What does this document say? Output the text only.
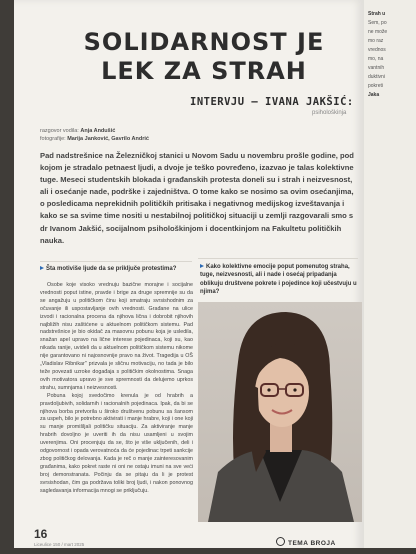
Strah u
Sem, po
ne može
mo raz
vrednos
mo, na
vantnih
duktivni
pokreti
Jaka
SOLIDARNOST JE
LEK ZA STRAH
INTERVJU – IVANA JAKŠIĆ:
psihološkinja
razgovor vodila: Anja Andušić
fotografije: Marija Janković, Gavrilo Andrić
Pad nadstrešnice na Železničkoj stanici u Novom Sadu u novembru prošle godine, pod kojom je stradalo petnaest ljudi, a dvoje je teško povređeno, izazvao je talas kolektivne tuge. Meseci studentskih blokada i građanskih protesta doneli su i strah i neizvesnost, ali i osećanje nade, podrške i zajedništva. O tome kako se nosimo sa ovim osećanjima, o posledicama neprekidnih političkih pritisaka i negativnog medijskog izveštavanja i kako se sa svime time nositi u nestabilnoj političkoj situaciji u zemlji razgovarali smo s dr Ivanom Jakšić, socijalnom psihološkinjom i docentkinjom na Fakultetu političkih nauka.
Šta motiviše ljude da se priključe protestima?	Kako kolektivne emocije poput pomenutog straha, tuge, neizvesnosti, ali i nade i osećaj pripadanja oblikuju društvene pokrete i pojedince koji učestvuju u njima?

Osobe koje visoko vrednuju bazične morajne i socijalne vrednosti poput istine, pravde i brige za druge spremnije su da se angažuju u političkom činu koji smatraju svrsishodnim za očuvanje ili uspostavljanje ovih vrednosti. Građane na ulice izvodi i racionalna procena da njihova lična i dobrobit njihovih najbližih nisu zaštićene u aktuelnom političkom sistemu. Pad nadstrešnice je bio okidač za masovnu pobunu koja je usledila, snažan apel upravo na lične interese pojedinaca, koji su, kao nikada ranije, uvideli da u aktuelnom političkom sistemu nikome nije garantovano ni najosnovnije pravo na život. Tragedija u OŠ „Vladislav Ribnikar" prizvala je sličnu motivaciju, no tada je bilo teže povezati uzroke događaja s političkim okolnostima. Snaga ovih motivatora upravo je sve spremnosti da delujemo uprkos strahu, sumnjama i neizvesnosti.

Pobuna kojoj svedočimo krenula je od hrabrih a pravdoljubivih, solidarnih i racionalnih pojedinaca. Ipak, da bi se njihova borba pretvorila u široko društvenu pobunu sa šansom za uspeh, bilo je potrebno aktivirati i manje hrabre, koji i one koji su manje promišljali političku situaciju. Za aktiviranje manje hrabrih dovoljno je uveriti ih da nisu usamljeni u svojim uverenjima. Oni procenjuju da se, što je više uključenih, deli i odgovornost i opada verovatnoća da će pojedinac trpeti sankcije zbog političkog delovanja. Kada je reč o manje zainteresovanim građanima, kako pokret raste ni oni ne ostaju imuni na sve veći broj demonstranata. Počinju da se pitaju da li je protest svrsishodan, čim ga podržava toliki broj ljudi, i nakon ponovnog sagledavanja informacija mnogi se priključuju.

16
Liceulice 150 / mart 2025	TEMA BROJA
